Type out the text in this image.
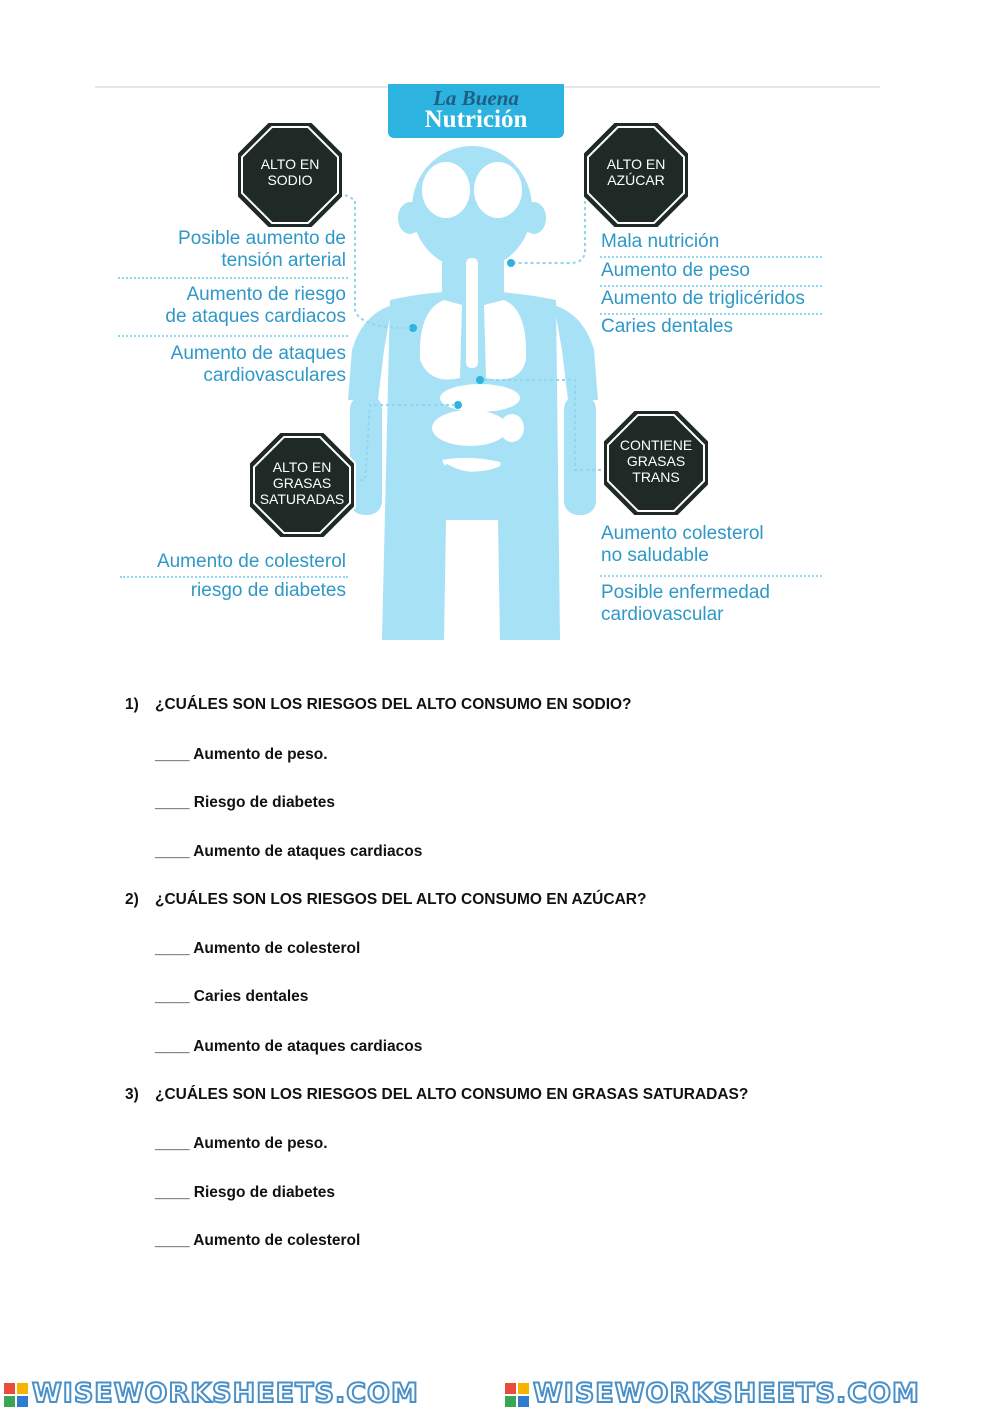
La Buena
Nutrición
ALTO EN
SODIO
ALTO EN
AZÚCAR
ALTO EN
GRASAS
SATURADAS
CONTIENE
GRASAS
TRANS
Posible aumento de
tensión arterial
Aumento de riesgo
de ataques cardiacos
Aumento de ataques
cardiovasculares
Mala nutrición
Aumento de peso
Aumento de triglicéridos
Caries dentales
Aumento de colesterol
riesgo de diabetes
Aumento colesterol
no saludable
Posible enfermedad
cardiovascular
1) ¿CUÁLES SON LOS RIESGOS DEL ALTO CONSUMO EN SODIO?
____ Aumento de peso.
____ Riesgo de diabetes
____ Aumento de ataques cardiacos
2) ¿CUÁLES SON LOS RIESGOS DEL ALTO CONSUMO EN AZÚCAR?
____ Aumento de colesterol
____ Caries dentales
____ Aumento de ataques cardiacos
3) ¿CUÁLES SON LOS RIESGOS DEL ALTO CONSUMO EN GRASAS SATURADAS?
____ Aumento de peso.
____ Riesgo de diabetes
____ Aumento de colesterol
WISEWORKSHEETS.COM	WISEWORKSHEETS.COM
